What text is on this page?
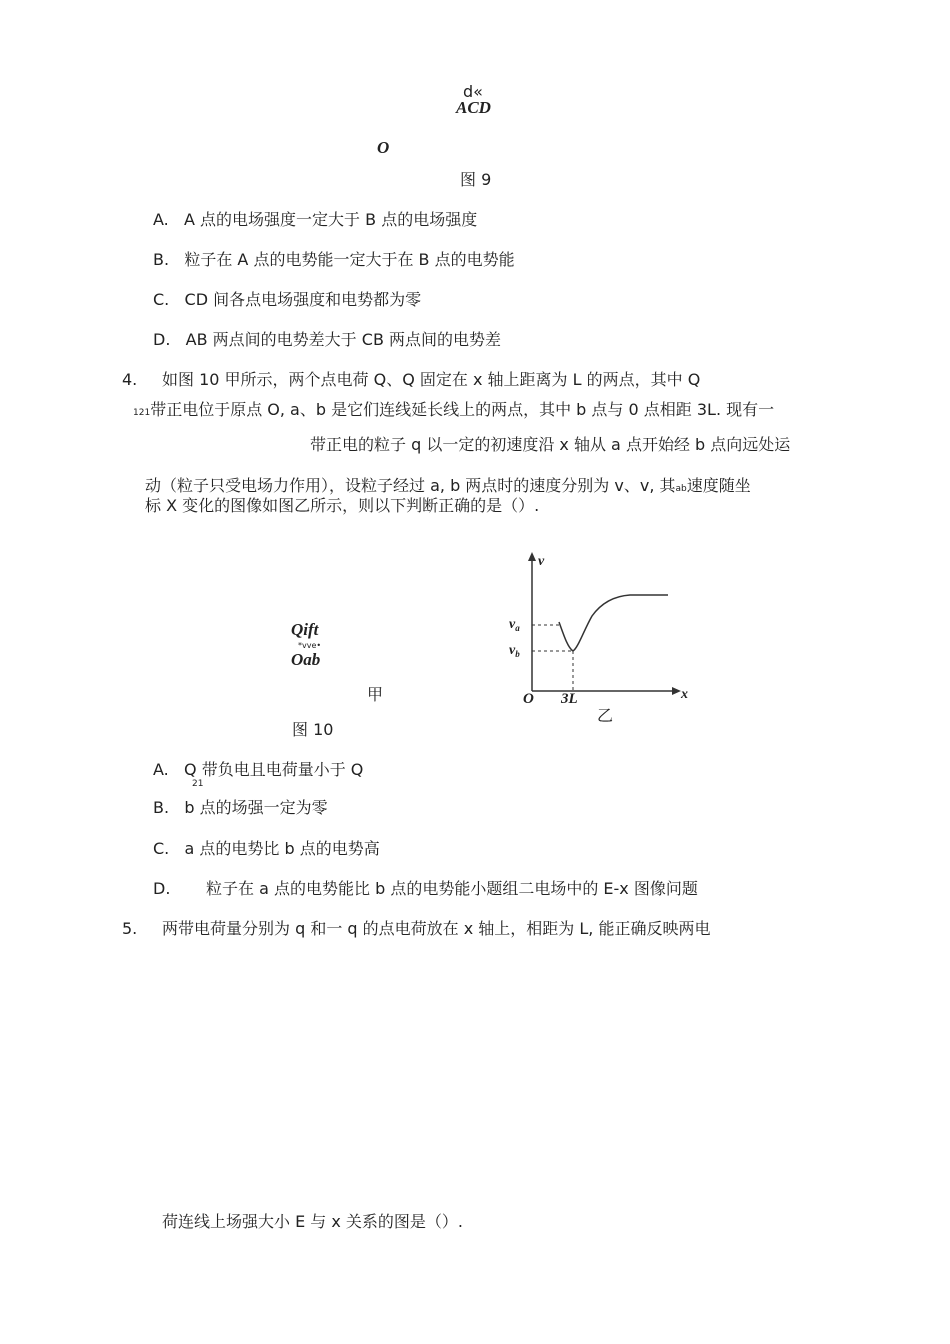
d«
ACD
O
图 9
A. A 点的电场强度一定大于 B 点的电场强度
B. 粒子在 A 点的电势能一定大于在 B 点的电势能
C. CD 间各点电场强度和电势都为零
D. AB 两点间的电势差大于 CB 两点间的电势差
4. 如图 10 甲所示，两个点电荷 Q、Q 固定在 x 轴上距离为 L 的两点，其中 Q
121带正电位于原点 O, a、b 是它们连线延长线上的两点，其中 b 点与 0 点相距 3L. 现有一
带正电的粒子 q 以一定的初速度沿 x 轴从 a 点开始经 b 点向远处运
动（粒子只受电场力作用），设粒子经过 a, b 两点时的速度分别为 v、v, 其ab速度随坐
标 X 变化的图像如图乙所示，则以下判断正确的是（）.
Qift
*vve•
Oab
甲
图 10
v
x
O 3L
$v_a$
$v_b$
乙
A. Q 带负电且电荷量小于 Q
21
B. b 点的场强一定为零
C. a 点的电势比 b 点的电势高
D. 粒子在 a 点的电势能比 b 点的电势能小题组二电场中的 E-x 图像问题
5. 两带电荷量分别为 q 和一 q 的点电荷放在 x 轴上，相距为 L, 能正确反映两电
荷连线上场强大小 E 与 x 关系的图是（）.
